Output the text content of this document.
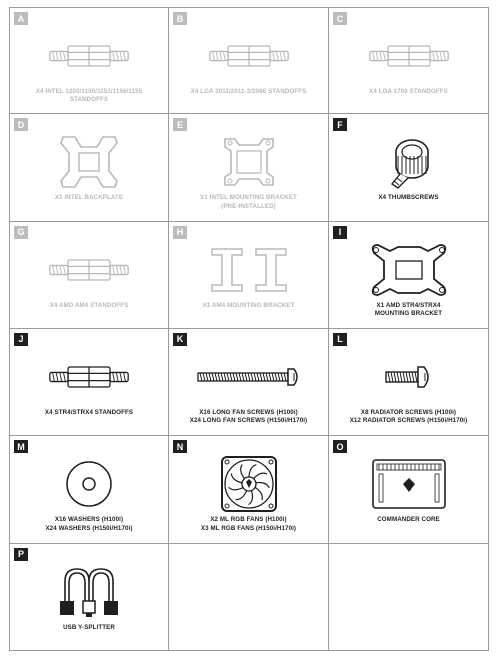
A
X4 INTEL 1200/1150/1151/1156/1155
STANDOFFS
B
X4 LGA 2011/2011-3/2066 STANDOFFS
C
X4 LGA 1700 STANDOFFS
D
X1 INTEL BACKPLATE
E
X1 INTEL MOUNTING BRACKET
(PRE-INSTALLED)
F
X4 THUMBSCREWS
G
X4 AMD AM4 STANDOFFS
H
X1 AM4 MOUNTING BRACKET
I
X1 AMD STR4/STRX4
MOUNTING BRACKET
J
X4 STR4/STRX4 STANDOFFS
K
X16 LONG FAN SCREWS (H100i)
X24 LONG FAN SCREWS (H150i/H170i)
L
X8 RADIATOR SCREWS (H100i)
X12 RADIATOR SCREWS (H150i/H170i)
M
X16 WASHERS (H100i)
X24 WASHERS (H150i/H170i)
N
X2 ML RGB FANS (H100i)
X3 ML RGB FANS (H150i/H170i)
O
COMMANDER CORE
P
USB Y-SPLITTER
